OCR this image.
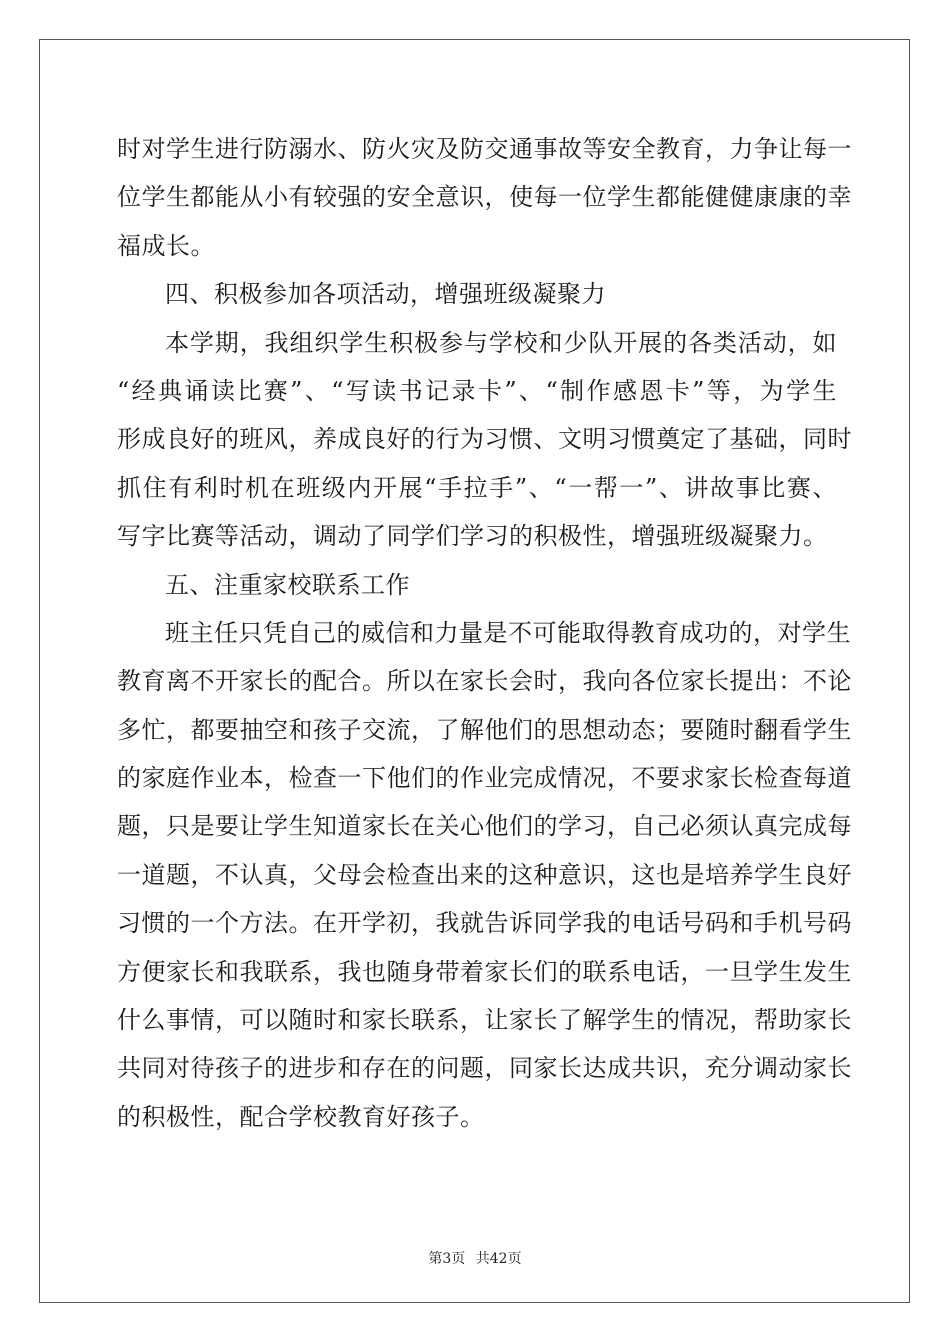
时对学生进行防溺水、防火灾及防交通事故等安全教育，力争让每一
位学生都能从小有较强的安全意识，使每一位学生都能健健康康的幸
福成长。
四、积极参加各项活动，增强班级凝聚力
本学期，我组织学生积极参与学校和少队开展的各类活动，如
“经典诵读比赛”、“写读书记录卡”、“制作感恩卡”等，为学生
形成良好的班风，养成良好的行为习惯、文明习惯奠定了基础，同时
抓住有利时机在班级内开展“手拉手”、“一帮一”、讲故事比赛、
写字比赛等活动，调动了同学们学习的积极性，增强班级凝聚力。
五、注重家校联系工作
班主任只凭自己的威信和力量是不可能取得教育成功的，对学生
教育离不开家长的配合。所以在家长会时，我向各位家长提出：不论
多忙，都要抽空和孩子交流，了解他们的思想动态；要随时翻看学生
的家庭作业本，检查一下他们的作业完成情况，不要求家长检查每道
题，只是要让学生知道家长在关心他们的学习，自己必须认真完成每
一道题，不认真，父母会检查出来的这种意识，这也是培养学生良好
习惯的一个方法。在开学初，我就告诉同学我的电话号码和手机号码
方便家长和我联系，我也随身带着家长们的联系电话，一旦学生发生
什么事情，可以随时和家长联系，让家长了解学生的情况，帮助家长
共同对待孩子的进步和存在的问题，同家长达成共识，充分调动家长
的积极性，配合学校教育好孩子。
第3页 共42页
